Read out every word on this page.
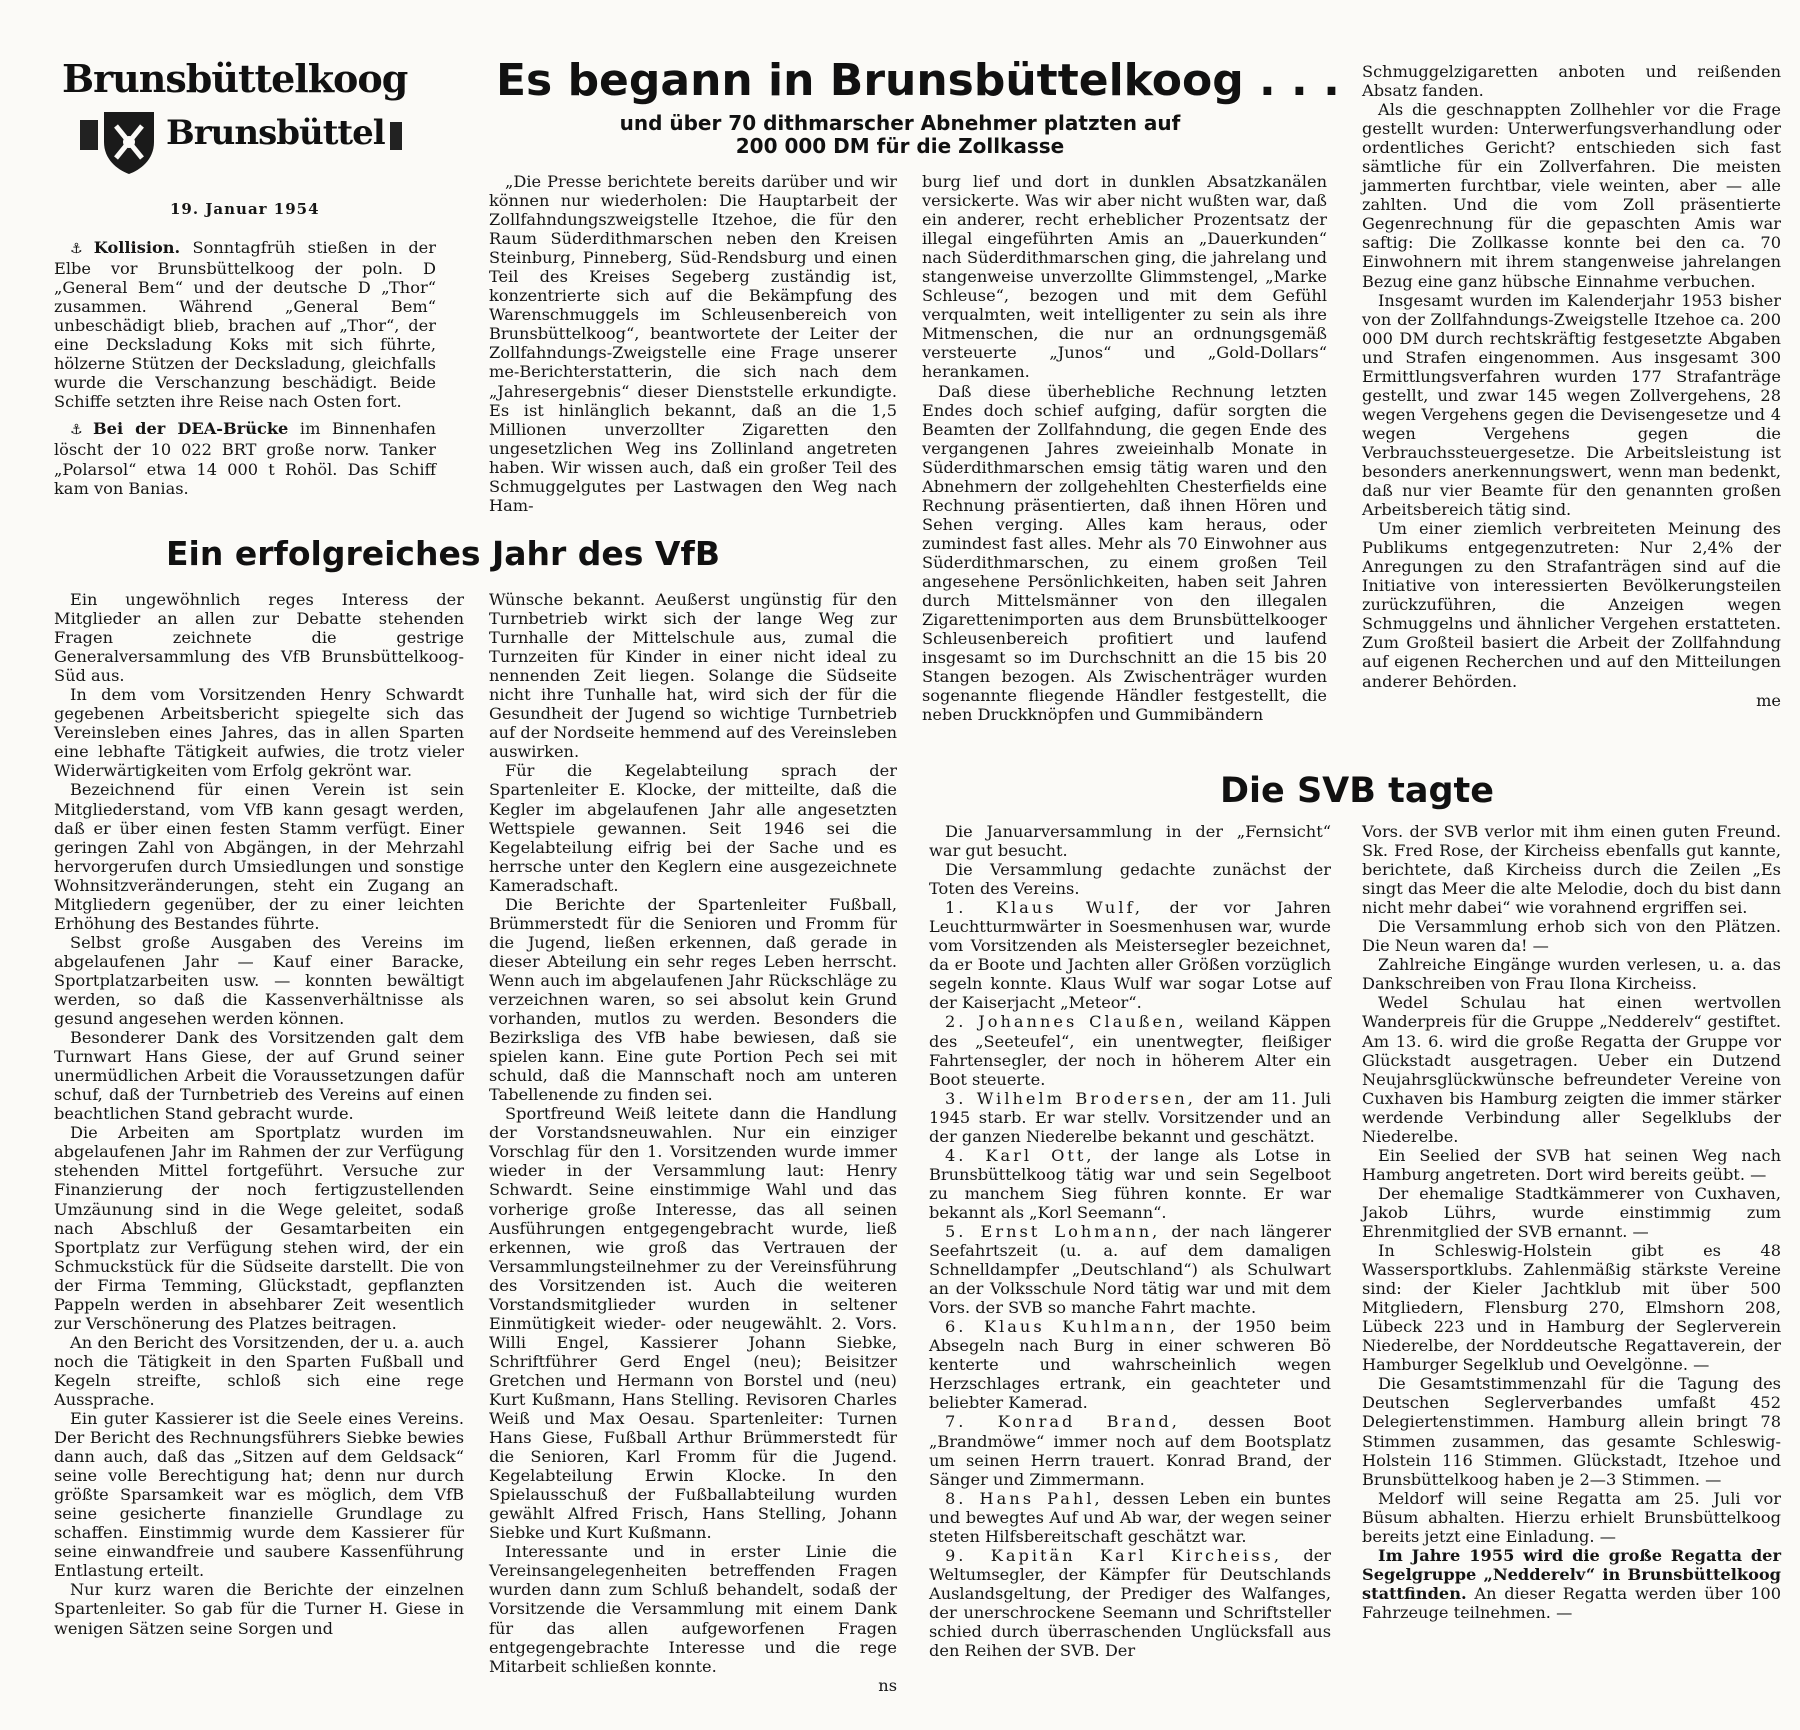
Brunsbüttelkoog
Brunsbüttel
19. Januar 1954

⚓ Kollision. Sonntagfrüh stießen in der Elbe vor Brunsbüttelkoog der poln. D „General Bem“ und der deutsche D „Thor“ zusammen. Während „General Bem“ unbeschädigt blieb, brachen auf „Thor“, der eine Decksladung Koks mit sich führte, hölzerne Stützen der Decksladung, gleichfalls wurde die Verschanzung beschädigt. Beide Schiffe setzten ihre Reise nach Osten fort.

⚓ Bei der DEA-Brücke im Binnenhafen löscht der 10 022 BRT große norw. Tanker „Polarsol“ etwa 14 000 t Rohöl. Das Schiff kam von Banias.

Es begann in Brunsbüttelkoog . . .
und über 70 dithmarscher Abnehmer platzten auf
200 000 DM für die Zollkasse

„Die Presse berichtete bereits darüber und wir können nur wiederholen: Die Hauptarbeit der Zollfahndungszweigstelle Itzehoe, die für den Raum Süderdithmarschen neben den Kreisen Steinburg, Pinneberg, Süd-Rendsburg und einen Teil des Kreises Segeberg zuständig ist, konzentrierte sich auf die Bekämpfung des Warenschmuggels im Schleusenbereich von Brunsbüttelkoog“, beantwortete der Leiter der Zollfahndungs-Zweigstelle eine Frage unserer me-Berichterstatterin, die sich nach dem „Jahresergebnis“ dieser Dienststelle erkundigte. Es ist hinlänglich bekannt, daß an die 1,5 Millionen unverzollter Zigaretten den ungesetzlichen Weg ins Zollinland angetreten haben. Wir wissen auch, daß ein großer Teil des Schmuggelgutes per Lastwagen den Weg nach Ham-

burg lief und dort in dunklen Absatzkanälen versickerte. Was wir aber nicht wußten war, daß ein anderer, recht erheblicher Prozentsatz der illegal eingeführten Amis an „Dauerkunden“ nach Süderdithmarschen ging, die jahrelang und stangenweise unverzollte Glimmstengel, „Marke Schleuse“, bezogen und mit dem Gefühl verqualmten, weit intelligenter zu sein als ihre Mitmenschen, die nur an ordnungsgemäß versteuerte „Junos“ und „Gold-Dollars“ herankamen.

Daß diese überhebliche Rechnung letzten Endes doch schief aufging, dafür sorgten die Beamten der Zollfahndung, die gegen Ende des vergangenen Jahres zweieinhalb Monate in Süderdithmarschen emsig tätig waren und den Abnehmern der zollgehehlten Chesterfields eine Rechnung präsentierten, daß ihnen Hören und Sehen verging. Alles kam heraus, oder zumindest fast alles. Mehr als 70 Einwohner aus Süderdithmarschen, zu einem großen Teil angesehene Persönlichkeiten, haben seit Jahren durch Mittelsmänner von den illegalen Zigarettenimporten aus dem Brunsbüttelkooger Schleusenbereich profitiert und laufend insgesamt so im Durchschnitt an die 15 bis 20 Stangen bezogen. Als Zwischenträger wurden sogenannte fliegende Händler festgestellt, die neben Druckknöpfen und Gummibändern

Schmuggelzigaretten anboten und reißenden Absatz fanden.

Als die geschnappten Zollhehler vor die Frage gestellt wurden: Unterwerfungsverhandlung oder ordentliches Gericht? entschieden sich fast sämtliche für ein Zollverfahren. Die meisten jammerten furchtbar, viele weinten, aber — alle zahlten. Und die vom Zoll präsentierte Gegenrechnung für die gepaschten Amis war saftig: Die Zollkasse konnte bei den ca. 70 Einwohnern mit ihrem stangenweise jahrelangen Bezug eine ganz hübsche Einnahme verbuchen.

Insgesamt wurden im Kalenderjahr 1953 bisher von der Zollfahndungs-Zweigstelle Itzehoe ca. 200 000 DM durch rechtskräftig festgesetzte Abgaben und Strafen eingenommen. Aus insgesamt 300 Ermittlungsverfahren wurden 177 Strafanträge gestellt, und zwar 145 wegen Zollvergehens, 28 wegen Vergehens gegen die Devisengesetze und 4 wegen Vergehens gegen die Verbrauchssteuergesetze. Die Arbeitsleistung ist besonders anerkennungswert, wenn man bedenkt, daß nur vier Beamte für den genannten großen Arbeitsbereich tätig sind.

Um einer ziemlich verbreiteten Meinung des Publikums entgegenzutreten: Nur 2,4% der Anregungen zu den Strafanträgen sind auf die Initiative von interessierten Bevölkerungsteilen zurückzuführen, die Anzeigen wegen Schmuggelns und ähnlicher Vergehen erstatteten. Zum Großteil basiert die Arbeit der Zollfahndung auf eigenen Recherchen und auf den Mitteilungen anderer Behörden.

me

Ein erfolgreiches Jahr des VfB

Ein ungewöhnlich reges Interess der Mitglieder an allen zur Debatte stehenden Fragen zeichnete die gestrige Generalversammlung des VfB Brunsbüttelkoog-Süd aus.

In dem vom Vorsitzenden Henry Schwardt gegebenen Arbeitsbericht spiegelte sich das Vereinsleben eines Jahres, das in allen Sparten eine lebhafte Tätigkeit aufwies, die trotz vieler Widerwärtigkeiten vom Erfolg gekrönt war.

Bezeichnend für einen Verein ist sein Mitgliederstand, vom VfB kann gesagt werden, daß er über einen festen Stamm verfügt. Einer geringen Zahl von Abgängen, in der Mehrzahl hervorgerufen durch Umsiedlungen und sonstige Wohnsitzveränderungen, steht ein Zugang an Mitgliedern gegenüber, der zu einer leichten Erhöhung des Bestandes führte.

Selbst große Ausgaben des Vereins im abgelaufenen Jahr — Kauf einer Baracke, Sportplatzarbeiten usw. — konnten bewältigt werden, so daß die Kassenverhältnisse als gesund angesehen werden können.

Besonderer Dank des Vorsitzenden galt dem Turnwart Hans Giese, der auf Grund seiner unermüdlichen Arbeit die Voraussetzungen dafür schuf, daß der Turnbetrieb des Vereins auf einen beachtlichen Stand gebracht wurde.

Die Arbeiten am Sportplatz wurden im abgelaufenen Jahr im Rahmen der zur Verfügung stehenden Mittel fortgeführt. Versuche zur Finanzierung der noch fertigzustellenden Umzäunung sind in die Wege geleitet, sodaß nach Abschluß der Gesamtarbeiten ein Sportplatz zur Verfügung stehen wird, der ein Schmuckstück für die Südseite darstellt. Die von der Firma Temming, Glückstadt, gepflanzten Pappeln werden in absehbarer Zeit wesentlich zur Verschönerung des Platzes beitragen.

An den Bericht des Vorsitzenden, der u. a. auch noch die Tätigkeit in den Sparten Fußball und Kegeln streifte, schloß sich eine rege Aussprache.

Ein guter Kassierer ist die Seele eines Vereins. Der Bericht des Rechnungsführers Siebke bewies dann auch, daß das „Sitzen auf dem Geldsack“ seine volle Berechtigung hat; denn nur durch größte Sparsamkeit war es möglich, dem VfB seine gesicherte finanzielle Grundlage zu schaffen. Einstimmig wurde dem Kassierer für seine einwandfreie und saubere Kassenführung Entlastung erteilt.

Nur kurz waren die Berichte der einzelnen Spartenleiter. So gab für die Turner H. Giese in wenigen Sätzen seine Sorgen und

Wünsche bekannt. Aeußerst ungünstig für den Turnbetrieb wirkt sich der lange Weg zur Turnhalle der Mittelschule aus, zumal die Turnzeiten für Kinder in einer nicht ideal zu nennenden Zeit liegen. Solange die Südseite nicht ihre Tunhalle hat, wird sich der für die Gesundheit der Jugend so wichtige Turnbetrieb auf der Nordseite hemmend auf des Vereinsleben auswirken.

Für die Kegelabteilung sprach der Spartenleiter E. Klocke, der mitteilte, daß die Kegler im abgelaufenen Jahr alle angesetzten Wettspiele gewannen. Seit 1946 sei die Kegelabteilung eifrig bei der Sache und es herrsche unter den Keglern eine ausgezeichnete Kameradschaft.

Die Berichte der Spartenleiter Fußball, Brümmerstedt für die Senioren und Fromm für die Jugend, ließen erkennen, daß gerade in dieser Abteilung ein sehr reges Leben herrscht. Wenn auch im abgelaufenen Jahr Rückschläge zu verzeichnen waren, so sei absolut kein Grund vorhanden, mutlos zu werden. Besonders die Bezirksliga des VfB habe bewiesen, daß sie spielen kann. Eine gute Portion Pech sei mit schuld, daß die Mannschaft noch am unteren Tabellenende zu finden sei.

Sportfreund Weiß leitete dann die Handlung der Vorstandsneuwahlen. Nur ein einziger Vorschlag für den 1. Vorsitzenden wurde immer wieder in der Versammlung laut: Henry Schwardt. Seine einstimmige Wahl und das vorherige große Interesse, das all seinen Ausführungen entgegengebracht wurde, ließ erkennen, wie groß das Vertrauen der Versammlungsteilnehmer zu der Vereinsführung des Vorsitzenden ist. Auch die weiteren Vorstandsmitglieder wurden in seltener Einmütigkeit wieder- oder neugewählt. 2. Vors. Willi Engel, Kassierer Johann Siebke, Schriftführer Gerd Engel (neu); Beisitzer Gretchen und Hermann von Borstel und (neu) Kurt Kußmann, Hans Stelling. Revisoren Charles Weiß und Max Oesau. Spartenleiter: Turnen Hans Giese, Fußball Arthur Brümmerstedt für die Senioren, Karl Fromm für die Jugend. Kegelabteilung Erwin Klocke. In den Spielausschuß der Fußballabteilung wurden gewählt Alfred Frisch, Hans Stelling, Johann Siebke und Kurt Kußmann.

Interessante und in erster Linie die Vereinsangelegenheiten betreffenden Fragen wurden dann zum Schluß behandelt, sodaß der Vorsitzende die Versammlung mit einem Dank für das allen aufgeworfenen Fragen entgegengebrachte Interesse und die rege Mitarbeit schließen konnte.

ns

Die SVB tagte

Die Januarversammlung in der „Fernsicht“ war gut besucht.

Die Versammlung gedachte zunächst der Toten des Vereins.

1. Klaus Wulf, der vor Jahren Leuchtturmwärter in Soesmenhusen war, wurde vom Vorsitzenden als Meistersegler bezeichnet, da er Boote und Jachten aller Größen vorzüglich segeln konnte. Klaus Wulf war sogar Lotse auf der Kaiserjacht „Meteor“.

2. Johannes Claußen, weiland Käppen des „Seeteufel“, ein unentwegter, fleißiger Fahrtensegler, der noch in höherem Alter ein Boot steuerte.

3. Wilhelm Brodersen, der am 11. Juli 1945 starb. Er war stellv. Vorsitzender und an der ganzen Niederelbe bekannt und geschätzt.

4. Karl Ott, der lange als Lotse in Brunsbüttelkoog tätig war und sein Segelboot zu manchem Sieg führen konnte. Er war bekannt als „Korl Seemann“.

5. Ernst Lohmann, der nach längerer Seefahrtszeit (u. a. auf dem damaligen Schnelldampfer „Deutschland“) als Schulwart an der Volksschule Nord tätig war und mit dem Vors. der SVB so manche Fahrt machte.

6. Klaus Kuhlmann, der 1950 beim Absegeln nach Burg in einer schweren Bö kenterte und wahrscheinlich wegen Herzschlages ertrank, ein geachteter und beliebter Kamerad.

7. Konrad Brand, dessen Boot „Brandmöwe“ immer noch auf dem Bootsplatz um seinen Herrn trauert. Konrad Brand, der Sänger und Zimmermann.

8. Hans Pahl, dessen Leben ein buntes und bewegtes Auf und Ab war, der wegen seiner steten Hilfsbereitschaft geschätzt war.

9. Kapitän Karl Kircheiss, der Weltumsegler, der Kämpfer für Deutschlands Auslandsgeltung, der Prediger des Walfanges, der unerschrockene Seemann und Schriftsteller schied durch überraschenden Unglücksfall aus den Reihen der SVB. Der

Vors. der SVB verlor mit ihm einen guten Freund. Sk. Fred Rose, der Kircheiss ebenfalls gut kannte, berichtete, daß Kircheiss durch die Zeilen „Es singt das Meer die alte Melodie, doch du bist dann nicht mehr dabei“ wie vorahnend ergriffen sei.

Die Versammlung erhob sich von den Plätzen. Die Neun waren da! —

Zahlreiche Eingänge wurden verlesen, u. a. das Dankschreiben von Frau Ilona Kircheiss.

Wedel Schulau hat einen wertvollen Wanderpreis für die Gruppe „Nedderelv“ gestiftet. Am 13. 6. wird die große Regatta der Gruppe vor Glückstadt ausgetragen. Ueber ein Dutzend Neujahrsglückwünsche befreundeter Vereine von Cuxhaven bis Hamburg zeigten die immer stärker werdende Verbindung aller Segelklubs der Niederelbe.

Ein Seelied der SVB hat seinen Weg nach Hamburg angetreten. Dort wird bereits geübt. —

Der ehemalige Stadtkämmerer von Cuxhaven, Jakob Lührs, wurde einstimmig zum Ehrenmitglied der SVB ernannt. —

In Schleswig-Holstein gibt es 48 Wassersportklubs. Zahlenmäßig stärkste Vereine sind: der Kieler Jachtklub mit über 500 Mitgliedern, Flensburg 270, Elmshorn 208, Lübeck 223 und in Hamburg der Seglerverein Niederelbe, der Norddeutsche Regattaverein, der Hamburger Segelklub und Oevelgönne. —

Die Gesamtstimmenzahl für die Tagung des Deutschen Seglerverbandes umfaßt 452 Delegiertenstimmen. Hamburg allein bringt 78 Stimmen zusammen, das gesamte Schleswig-Holstein 116 Stimmen. Glückstadt, Itzehoe und Brunsbüttelkoog haben je 2—3 Stimmen. —

Meldorf will seine Regatta am 25. Juli vor Büsum abhalten. Hierzu erhielt Brunsbüttelkoog bereits jetzt eine Einladung. —

Im Jahre 1955 wird die große Regatta der Segelgruppe „Nedderelv“ in Brunsbüttelkoog stattfinden. An dieser Regatta werden über 100 Fahrzeuge teilnehmen. —
